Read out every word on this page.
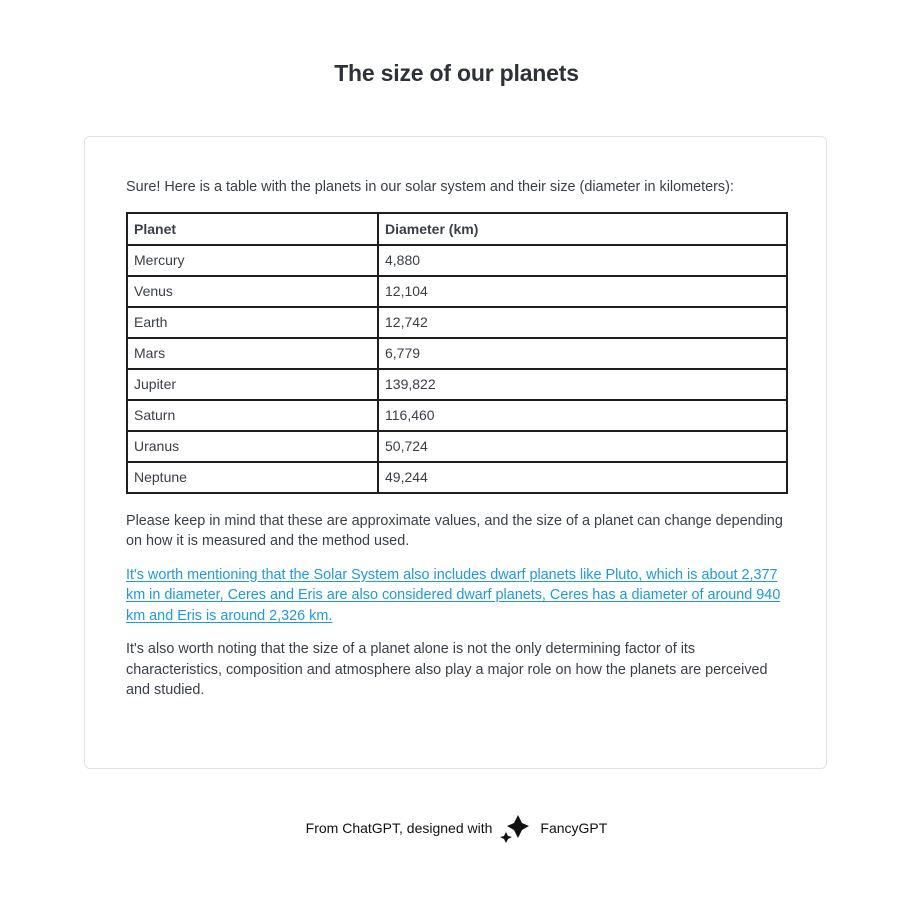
The size of our planets

Sure! Here is a table with the planets in our solar system and their size (diameter in kilometers):

Planet	Diameter (km)
Mercury	4,880
Venus	12,104
Earth	12,742
Mars	6,779
Jupiter	139,822
Saturn	116,460
Uranus	50,724
Neptune	49,244

Please keep in mind that these are approximate values, and the size of a planet can change depending on how it is measured and the method used.

It's worth mentioning that the Solar System also includes dwarf planets like Pluto, which is about 2,377 km in diameter, Ceres and Eris are also considered dwarf planets, Ceres has a diameter of around 940 km and Eris is around 2,326 km.

It's also worth noting that the size of a planet alone is not the only determining factor of its characteristics, composition and atmosphere also play a major role on how the planets are perceived and studied.

From ChatGPT, designed with	FancyGPT
